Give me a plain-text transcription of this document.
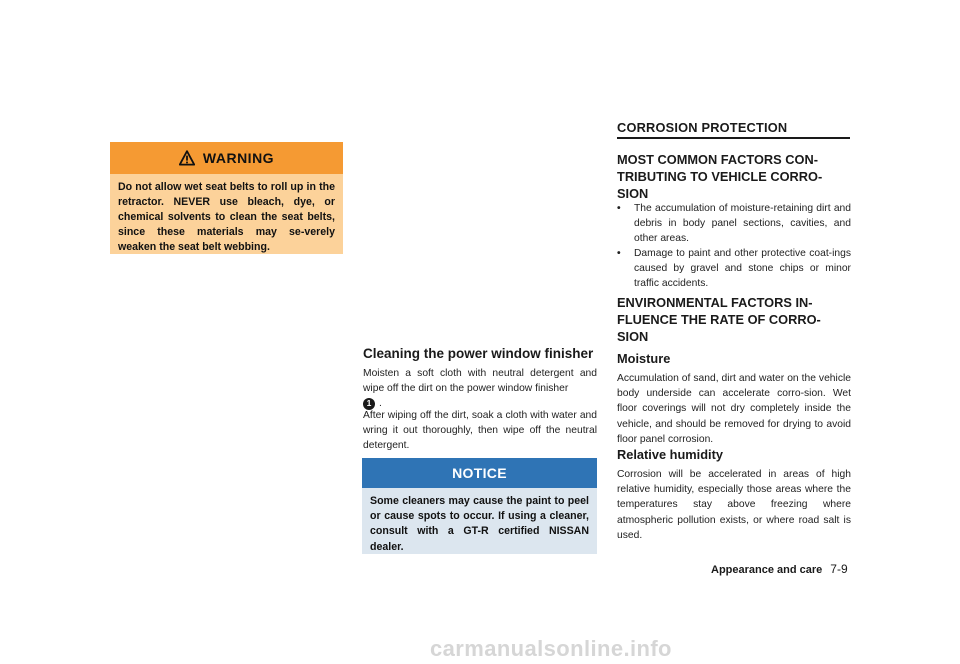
WARNING
Do not allow wet seat belts to roll up in the retractor. NEVER use bleach, dye, or chemical solvents to clean the seat belts, since these materials may se-verely weaken the seat belt webbing.
Cleaning the power window finisher
Moisten a soft cloth with neutral detergent and wipe off the dirt on the power window finisher
1 .
After wiping off the dirt, soak a cloth with water and wring it out thoroughly, then wipe off the neutral detergent.
NOTICE
Some cleaners may cause the paint to peel or cause spots to occur. If using a cleaner, consult with a GT-R certified NISSAN dealer.
CORROSION PROTECTION
MOST COMMON FACTORS CON-TRIBUTING TO VEHICLE CORRO-SION
• The accumulation of moisture-retaining dirt and debris in body panel sections, cavities, and other areas.
• Damage to paint and other protective coat-ings caused by gravel and stone chips or minor traffic accidents.
ENVIRONMENTAL FACTORS IN-FLUENCE THE RATE OF CORRO-SION
Moisture
Accumulation of sand, dirt and water on the vehicle body underside can accelerate corro-sion. Wet floor coverings will not dry completely inside the vehicle, and should be removed for drying to avoid floor panel corrosion.
Relative humidity
Corrosion will be accelerated in areas of high relative humidity, especially those areas where the temperatures stay above freezing where atmospheric pollution exists, or where road salt is used.
Appearance and care 7-9
carmanualsonline.info
